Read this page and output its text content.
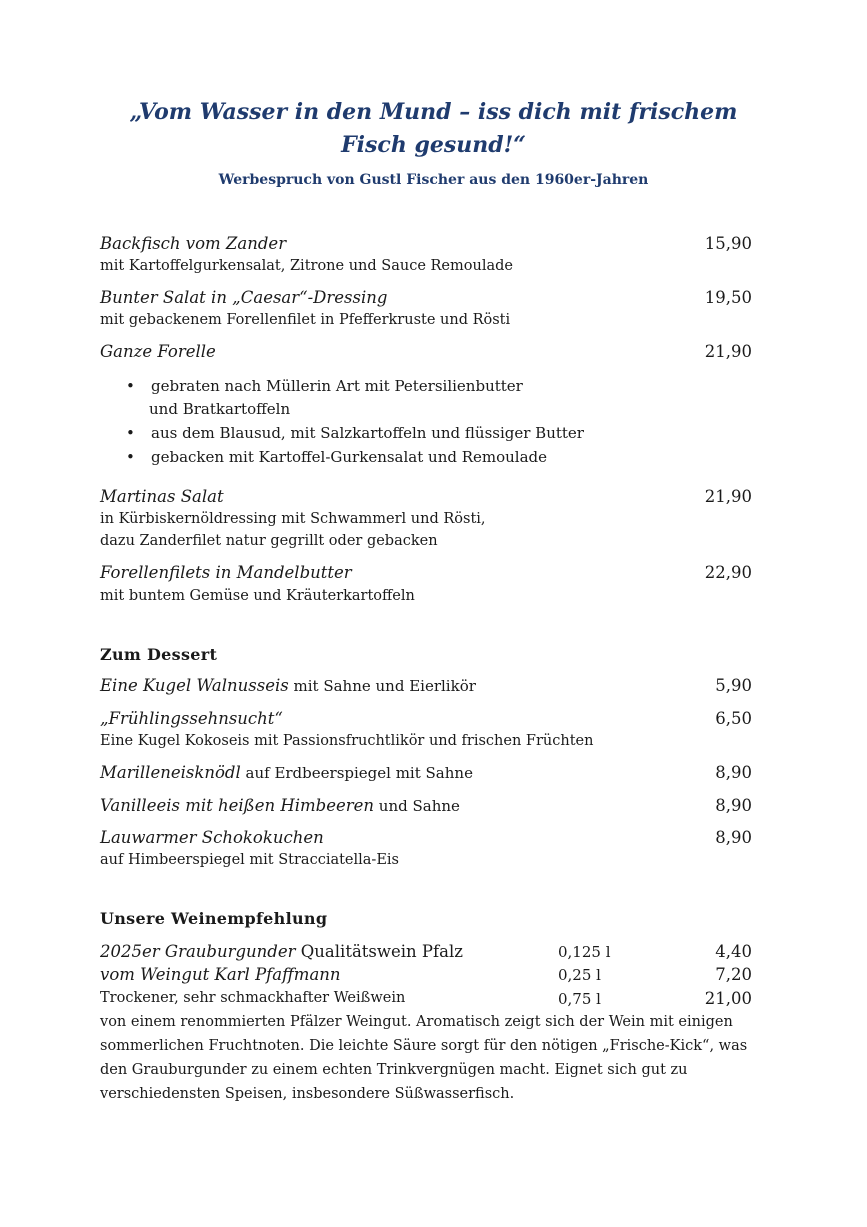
„Vom Wasser in den Mund – iss dich mit frischem Fisch gesund!“
Werbespruch von Gustl Fischer aus den 1960er-Jahren
Backfisch vom Zander	15,90
mit Kartoffelgurkensalat, Zitrone und Sauce Remoulade
Bunter Salat in „Caesar“-Dressing	19,50
mit gebackenem Forellenfilet in Pfefferkruste und Rösti
Ganze Forelle	21,90
• gebraten nach Müllerin Art mit Petersilienbutter
und Bratkartoffeln
• aus dem Blausud, mit Salzkartoffeln und flüssiger Butter
• gebacken mit Kartoffel-Gurkensalat und Remoulade
Martinas Salat	21,90
in Kürbiskernöldressing mit Schwammerl und Rösti,
dazu Zanderfilet natur gegrillt oder gebacken
Forellenfilets in Mandelbutter	22,90
mit buntem Gemüse und Kräuterkartoffeln
Zum Dessert
Eine Kugel Walnusseis mit Sahne und Eierlikör	5,90
„Frühlingssehnsucht“	6,50
Eine Kugel Kokoseis mit Passionsfruchtlikör und frischen Früchten
Marilleneisknödl auf Erdbeerspiegel mit Sahne	8,90
Vanilleeis mit heißen Himbeeren und Sahne	8,90
Lauwarmer Schokokuchen	8,90
auf Himbeerspiegel mit Stracciatella-Eis
Unsere Weinempfehlung
2025er Grauburgunder Qualitätswein Pfalz	0,125 l	4,40
vom Weingut Karl Pfaffmann	0,25 l	7,20
Trockener, sehr schmackhafter Weißwein	0,75 l	21,00
von einem renommierten Pfälzer Weingut. Aromatisch zeigt sich der Wein mit einigen sommerlichen Fruchtnoten. Die leichte Säure sorgt für den nötigen „Frische-Kick“, was den Grauburgunder zu einem echten Trinkvergnügen macht. Eignet sich gut zu verschiedensten Speisen, insbesondere Süßwasserfisch.
